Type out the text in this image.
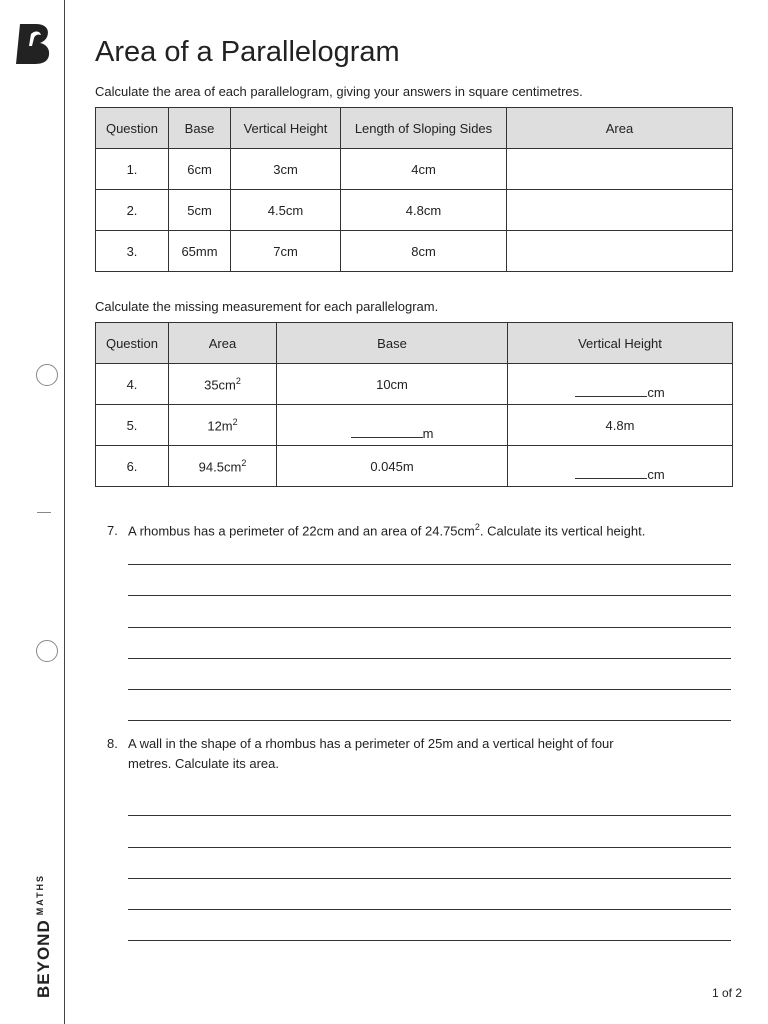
$BEYOND^{MATHS}$
Area of a Parallelogram
Calculate the area of each parallelogram, giving your answers in square centimetres.
Question	Base	Vertical Height	Length of Sloping Sides	Area
1.	6cm	3cm	4cm	
2.	5cm	4.5cm	4.8cm	
3.	65mm	7cm	8cm	
Calculate the missing measurement for each parallelogram.
Question	Area	Base	Vertical Height
4.	$35cm^2$	10cm	cm
5.	$12m^2$	m	4.8m
6.	$94.5cm^2$	0.045m	cm
7. A rhombus has a perimeter of 22cm and an area of $24.75cm^2$. Calculate its vertical height.
8. A wall in the shape of a rhombus has a perimeter of 25m and a vertical height of four
metres. Calculate its area.
1 of 2
